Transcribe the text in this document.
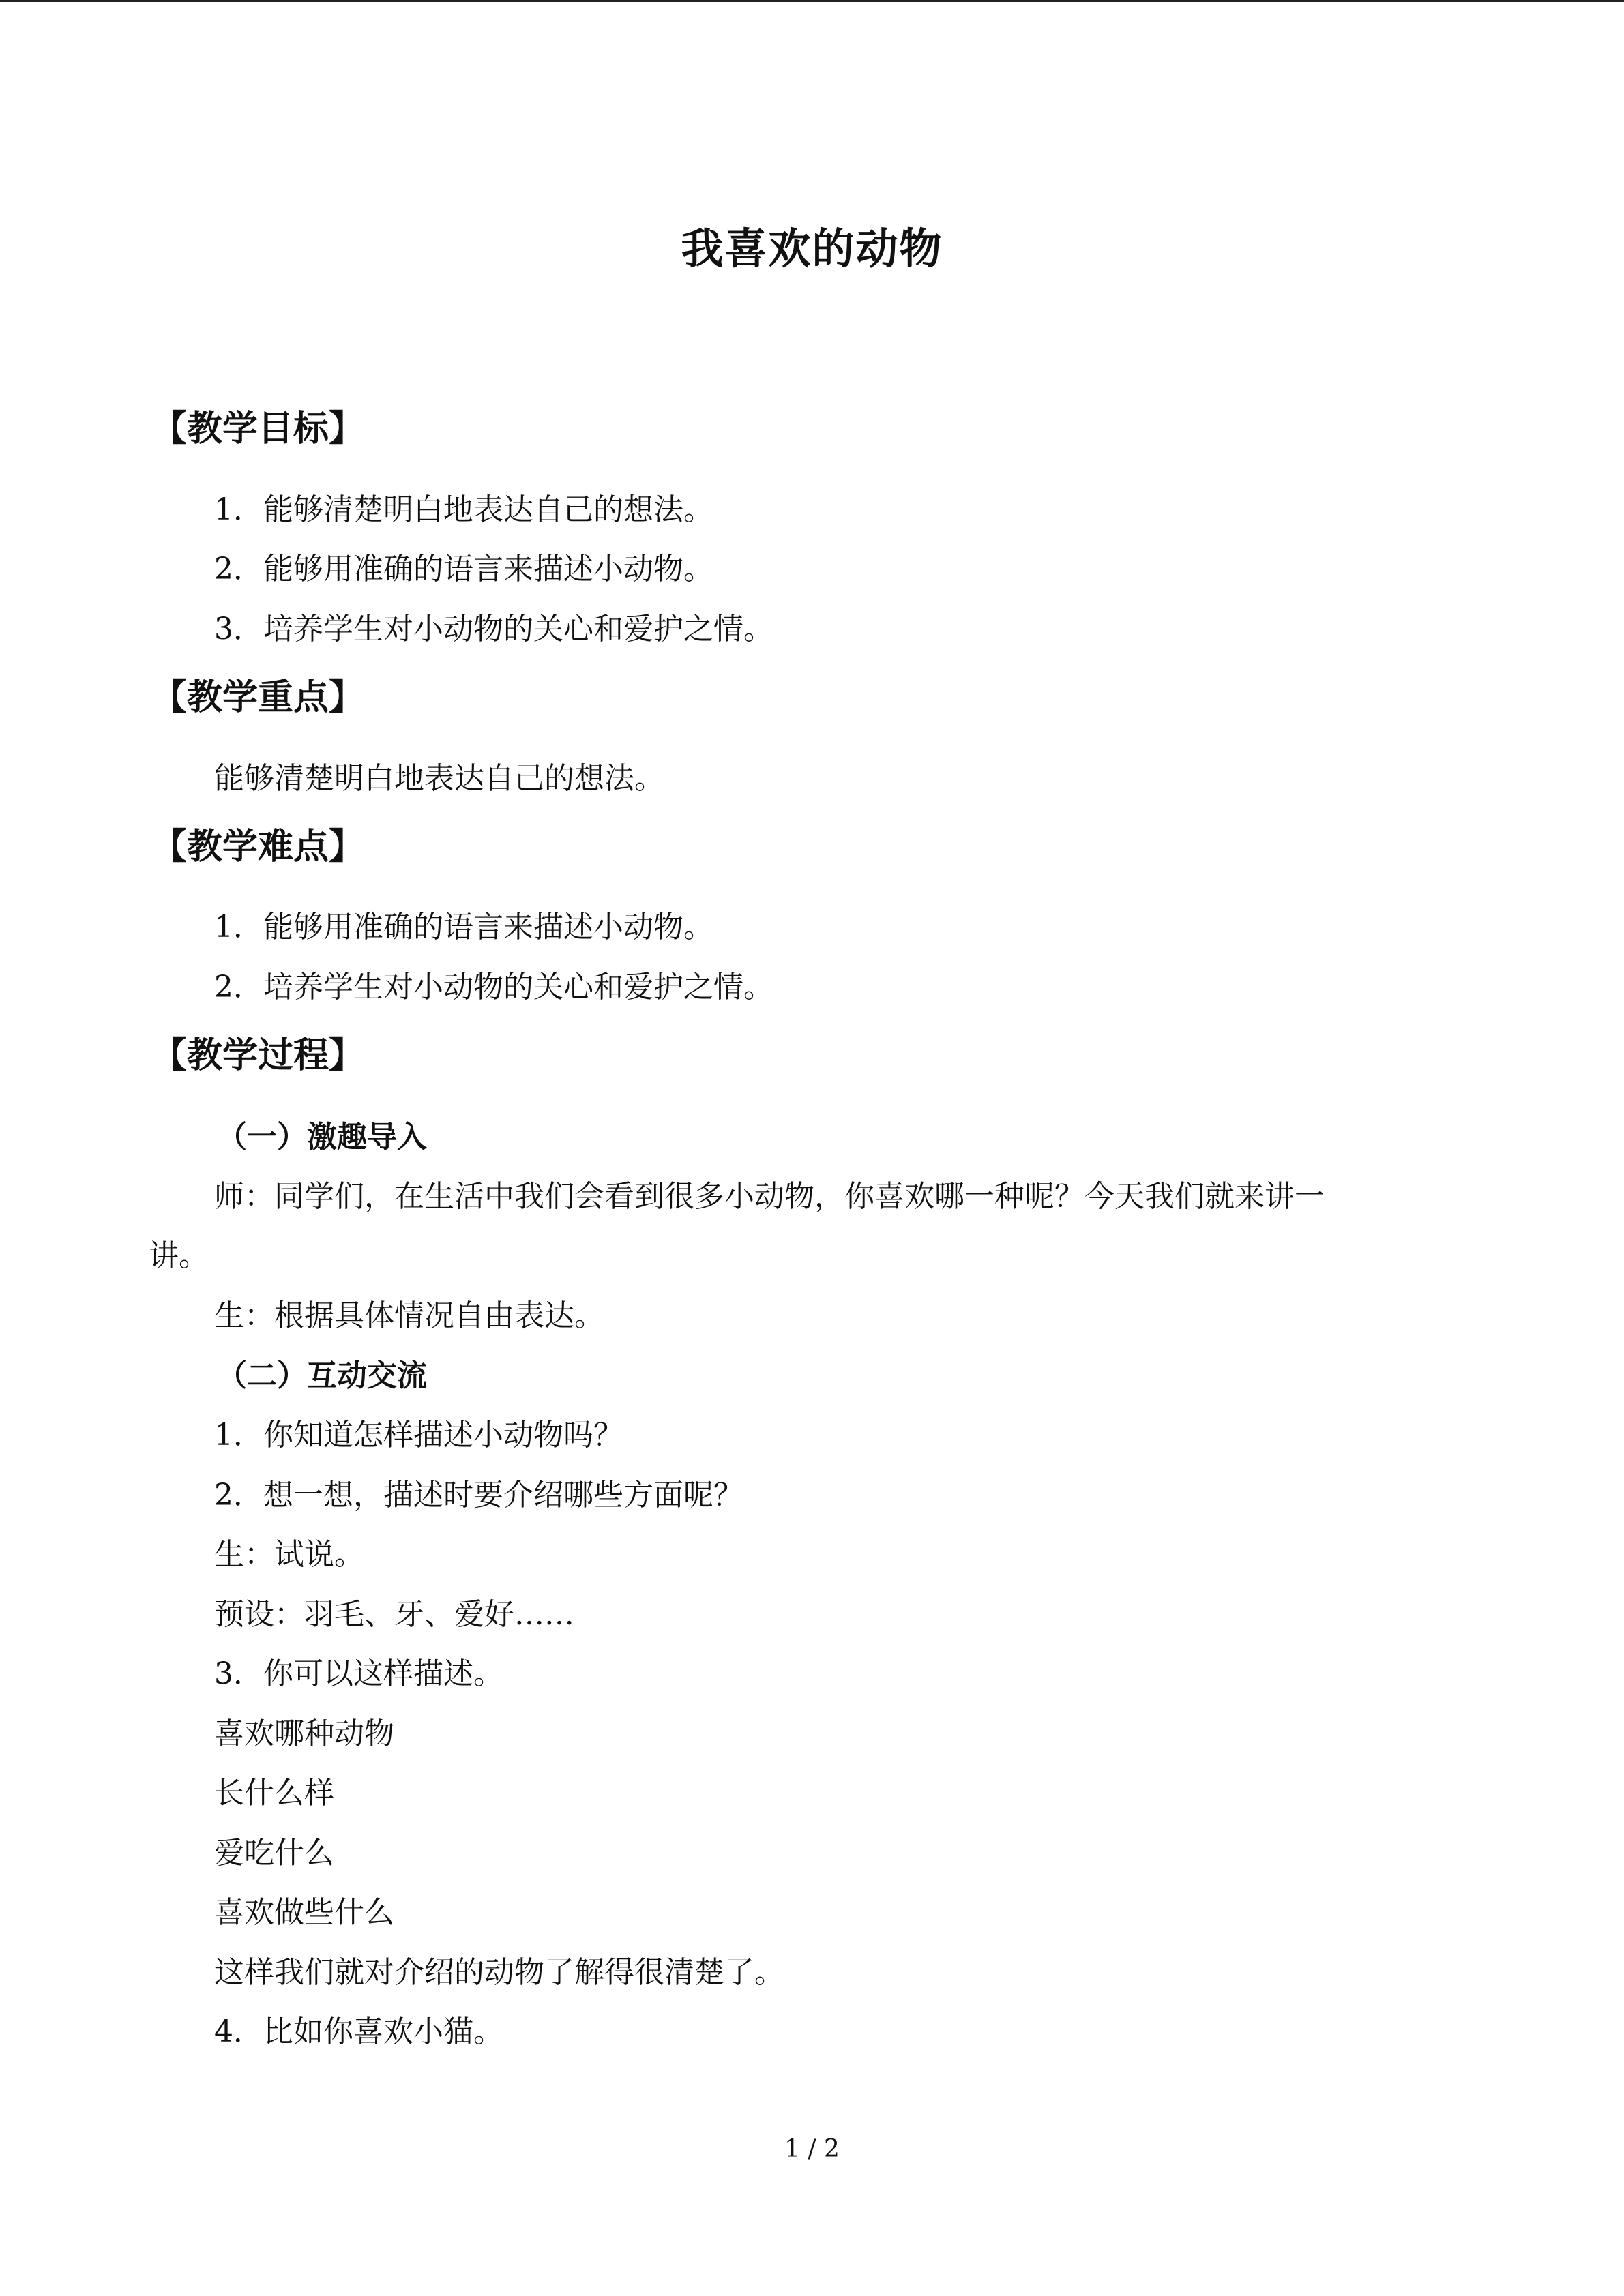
我喜欢的动物
【教学目标】
1．能够清楚明白地表达自己的想法。
2．能够用准确的语言来描述小动物。
3．培养学生对小动物的关心和爱护之情。
【教学重点】
能够清楚明白地表达自己的想法。
【教学难点】
1．能够用准确的语言来描述小动物。
2．培养学生对小动物的关心和爱护之情。
【教学过程】
（一）激趣导入
师：同学们，在生活中我们会看到很多小动物，你喜欢哪一种呢？今天我们就来讲一
讲。
生：根据具体情况自由表达。
（二）互动交流
1．你知道怎样描述小动物吗？
2．想一想，描述时要介绍哪些方面呢？
生：试说。
预设：羽毛、牙、爱好……
3．你可以这样描述。
喜欢哪种动物
长什么样
爱吃什么
喜欢做些什么
这样我们就对介绍的动物了解得很清楚了。
4．比如你喜欢小猫。
1 / 2
